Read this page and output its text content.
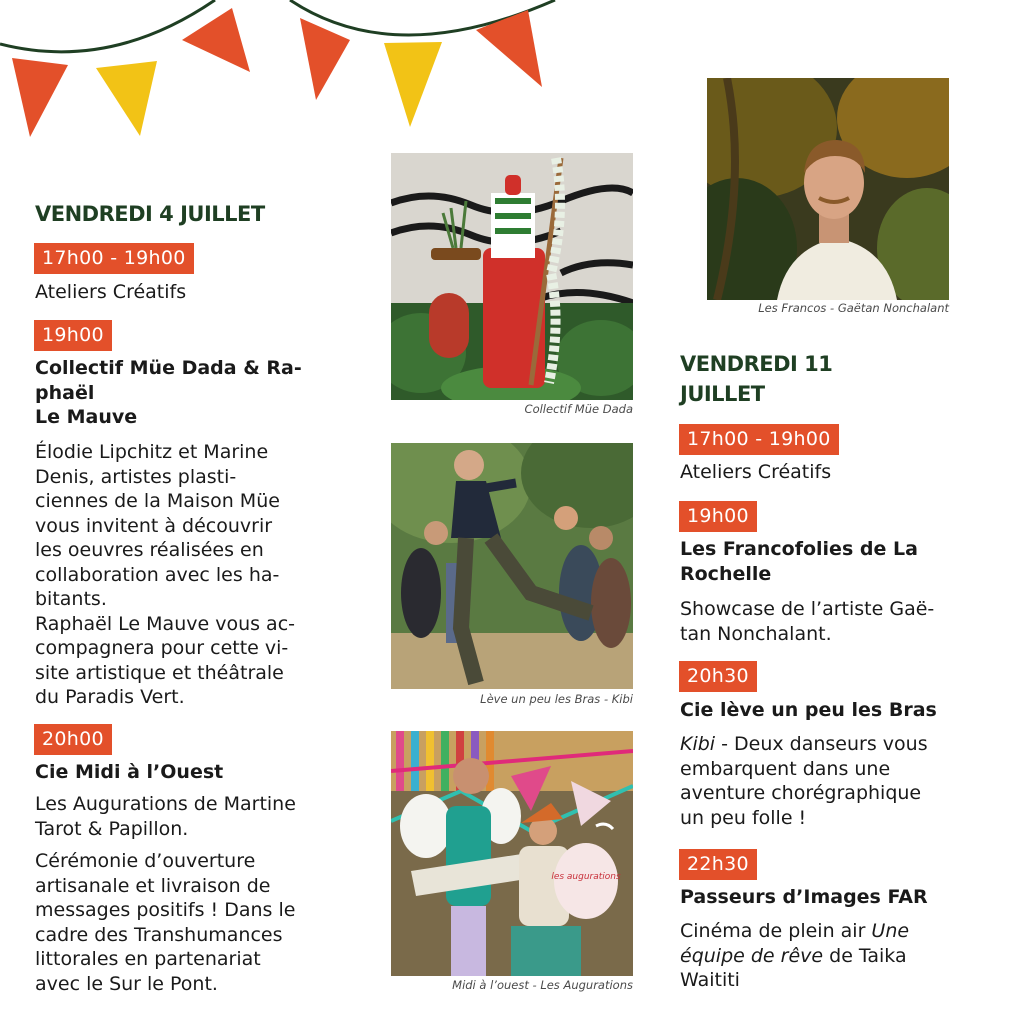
VENDREDI 4 JUILLET
17h00 - 19h00
Ateliers Créatifs
19h00
Collectif Müe Dada & Ra-
phaël
Le Mauve
Élodie Lipchitz et Marine
Denis, artistes plasti-
ciennes de la Maison Müe
vous invitent à découvrir
les oeuvres réalisées en
collaboration avec les ha-
bitants.
Raphaël Le Mauve vous ac-
compagnera pour cette vi-
site artistique et théâtrale
du Paradis Vert.
20h00
Cie Midi à l’Ouest
Les Augurations de Martine
Tarot & Papillon.
Cérémonie d’ouverture
artisanale et livraison de
messages positifs ! Dans le
cadre des Transhumances
littorales en partenariat
avec le Sur le Pont.
Collectif Müe Dada
Lève un peu les Bras - Kibi
les augurations
Midi à l’ouest - Les Augurations
Les Francos - Gaëtan Nonchalant
VENDREDI 11
JUILLET
17h00 - 19h00
Ateliers Créatifs
19h00
Les Francofolies de La
Rochelle
Showcase de l’artiste Gaë-
tan Nonchalant.
20h30
Cie lève un peu les Bras
Kibi - Deux danseurs vous
embarquent dans une
aventure chorégraphique
un peu folle !
22h30
Passeurs d’Images FAR
Cinéma de plein air Une
équipe de rêve de Taika
Waititi
